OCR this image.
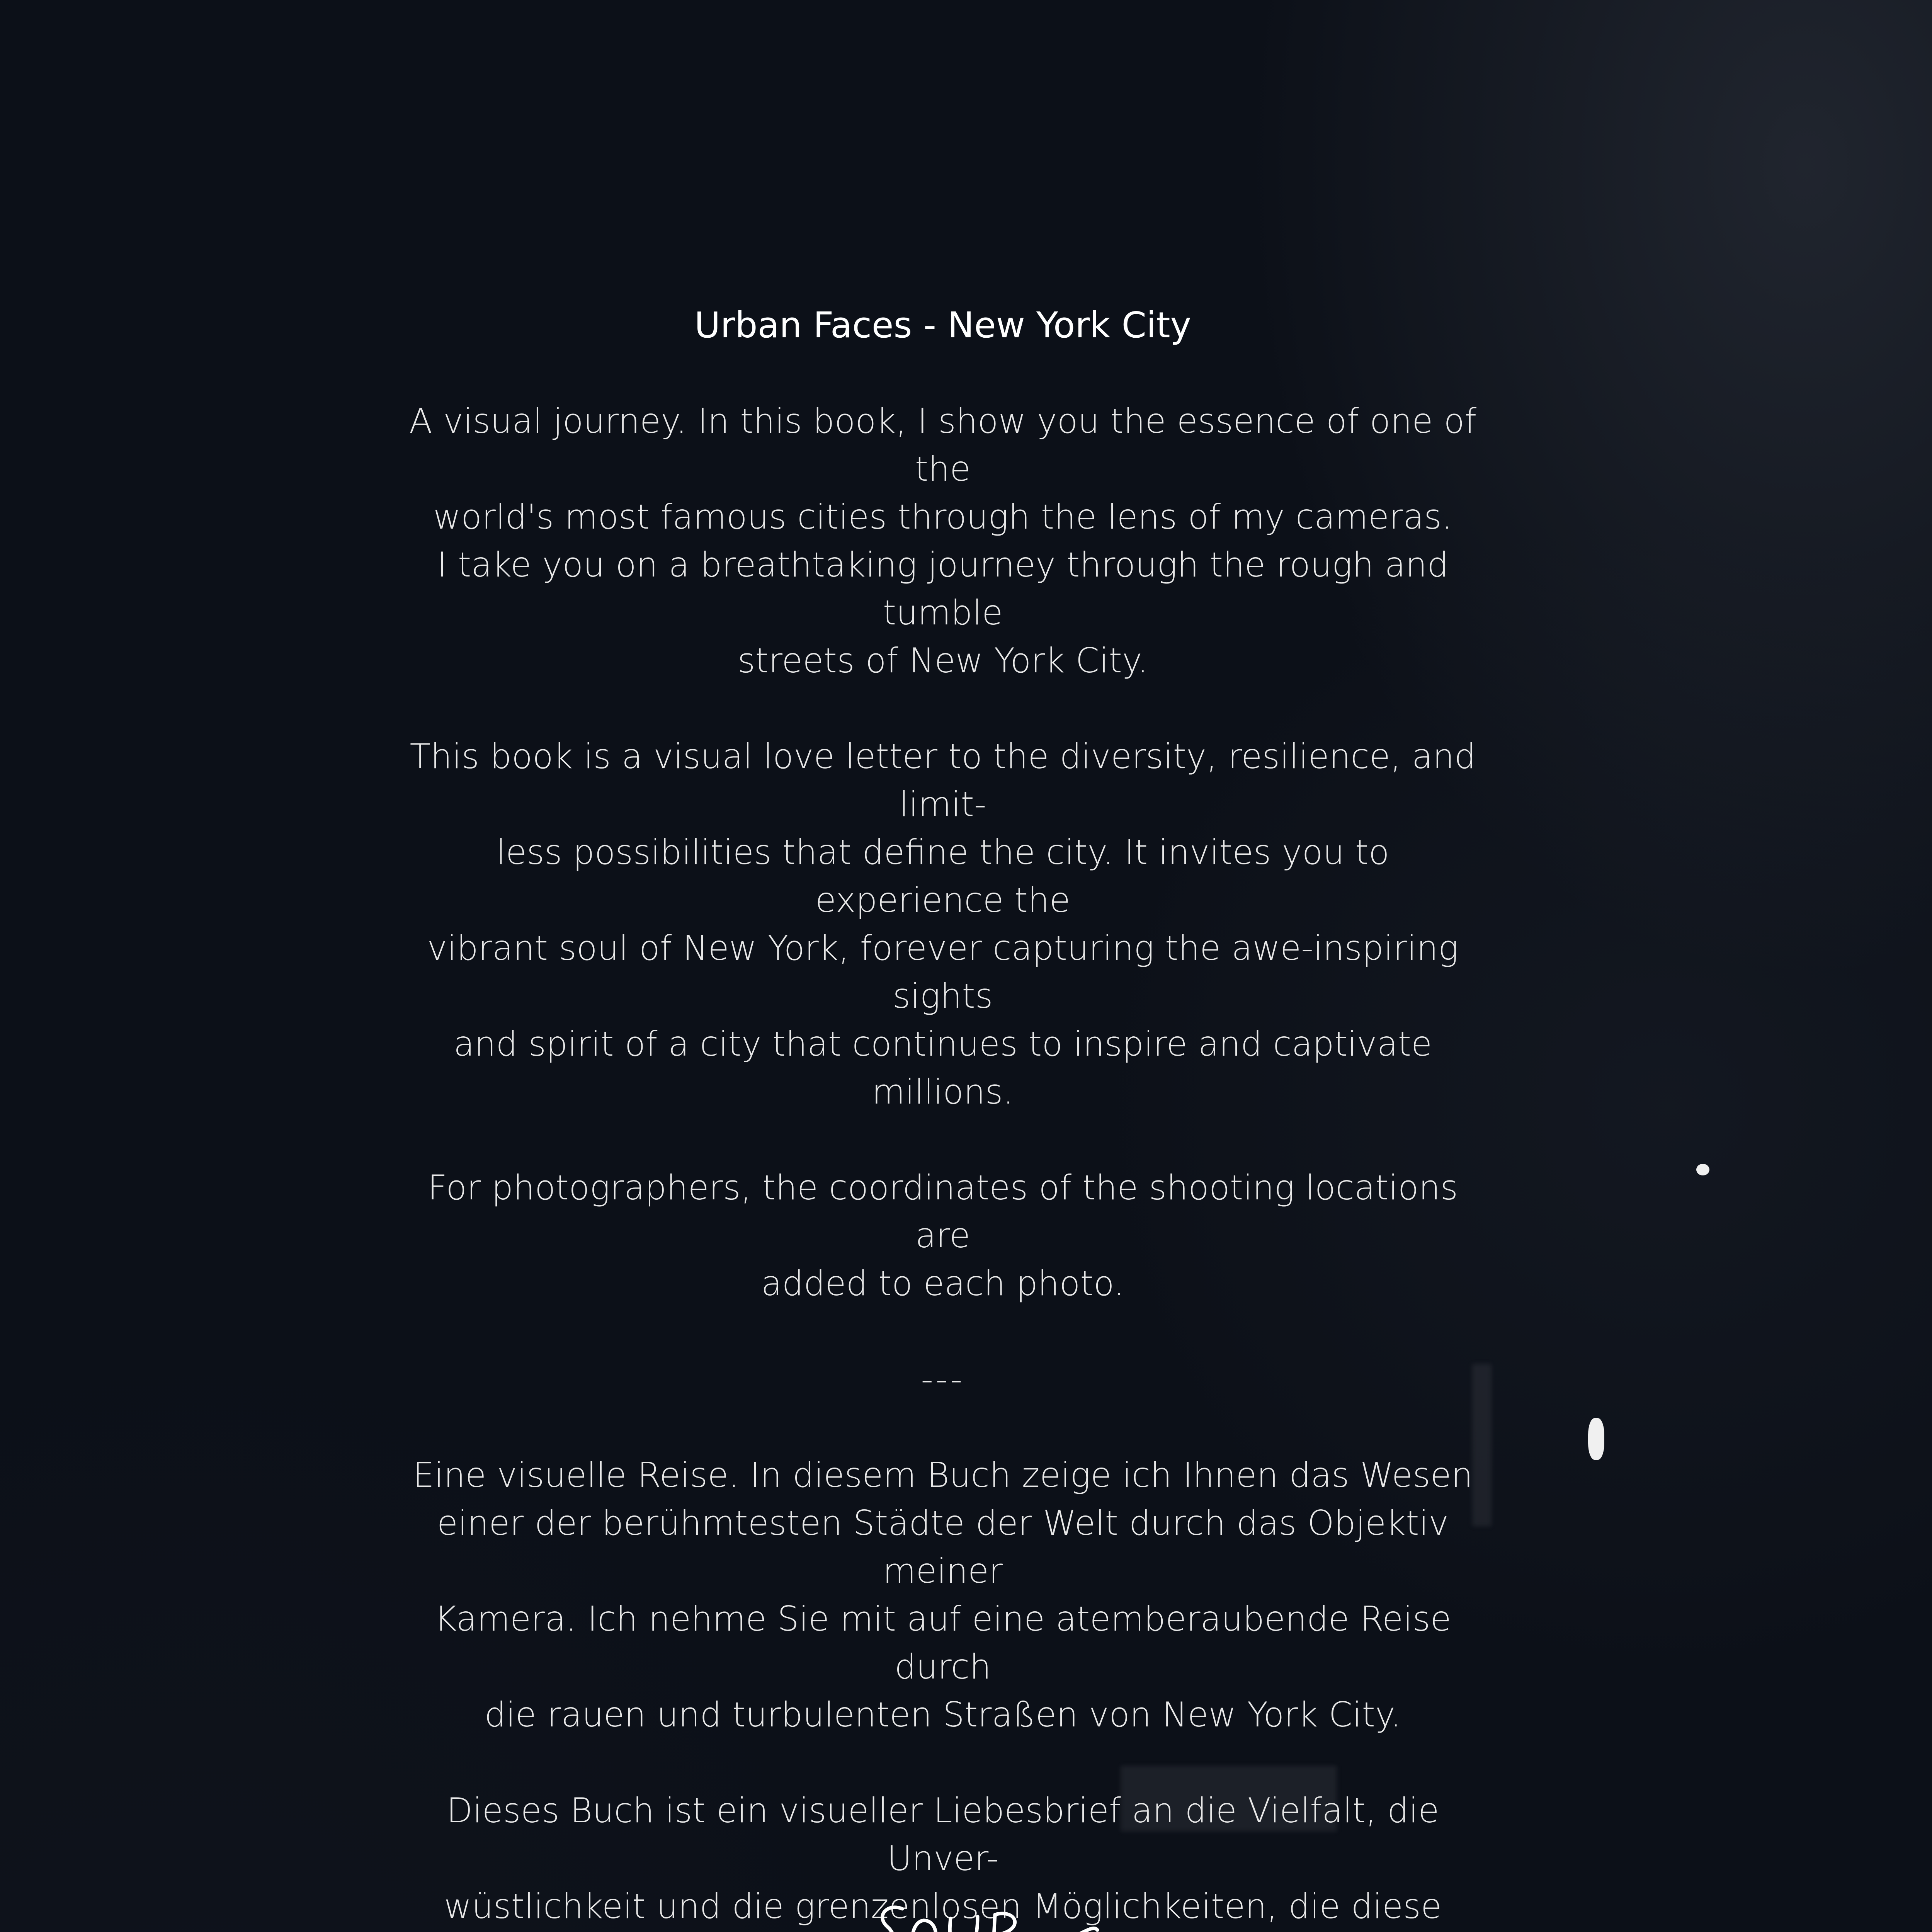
Urban Faces - New York City

A visual journey. In this book, I show you the essence of one of the
world's most famous cities through the lens of my cameras.
I take you on a breathtaking journey through the rough and tumble
streets of New York City.

This book is a visual love letter to the diversity, resilience, and limit-
less possibilities that define the city. It invites you to experience the
vibrant soul of New York, forever capturing the awe-inspiring sights
and spirit of a city that continues to inspire and captivate millions.

For photographers, the coordinates of the shooting locations are
added to each photo.

---

Eine visuelle Reise. In diesem Buch zeige ich Ihnen das Wesen
einer der berühmtesten Städte der Welt durch das Objektiv meiner
Kamera. Ich nehme Sie mit auf eine atemberaubende Reise durch
die rauen und turbulenten Straßen von New York City.

Dieses Buch ist ein visueller Liebesbrief an die Vielfalt, die Unver-
wüstlichkeit und die grenzenlosen Möglichkeiten, die diese
